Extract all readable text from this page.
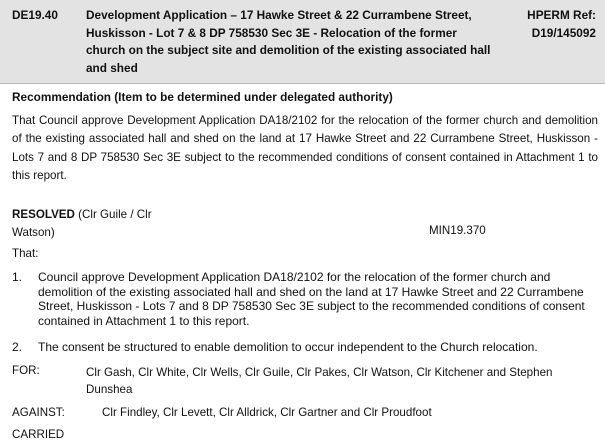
DE19.40 Development Application – 17 Hawke Street & 22 Currambene Street, Huskisson - Lot 7 & 8 DP 758530 Sec 3E - Relocation of the former church on the subject site and demolition of the existing associated hall and shed
HPERM Ref:
D19/145092
Recommendation (Item to be determined under delegated authority)
That Council approve Development Application DA18/2102 for the relocation of the former church and demolition of the existing associated hall and shed on the land at 17 Hawke Street and 22 Currambene Street, Huskisson - Lots 7 and 8 DP 758530 Sec 3E subject to the recommended conditions of consent contained in Attachment 1 to this report.
RESOLVED (Clr Guile / Clr Watson)	MIN19.370
That:
1.	Council approve Development Application DA18/2102 for the relocation of the former church and demolition of the existing associated hall and shed on the land at 17 Hawke Street and 22 Currambene Street, Huskisson - Lots 7 and 8 DP 758530 Sec 3E subject to the recommended conditions of consent contained in Attachment 1 to this report.
2.	The consent be structured to enable demolition to occur independent to the Church relocation.
FOR:	Clr Gash, Clr White, Clr Wells, Clr Guile, Clr Pakes, Clr Watson, Clr Kitchener and Stephen Dunshea
AGAINST:	Clr Findley, Clr Levett, Clr Alldrick, Clr Gartner and Clr Proudfoot
CARRIED
